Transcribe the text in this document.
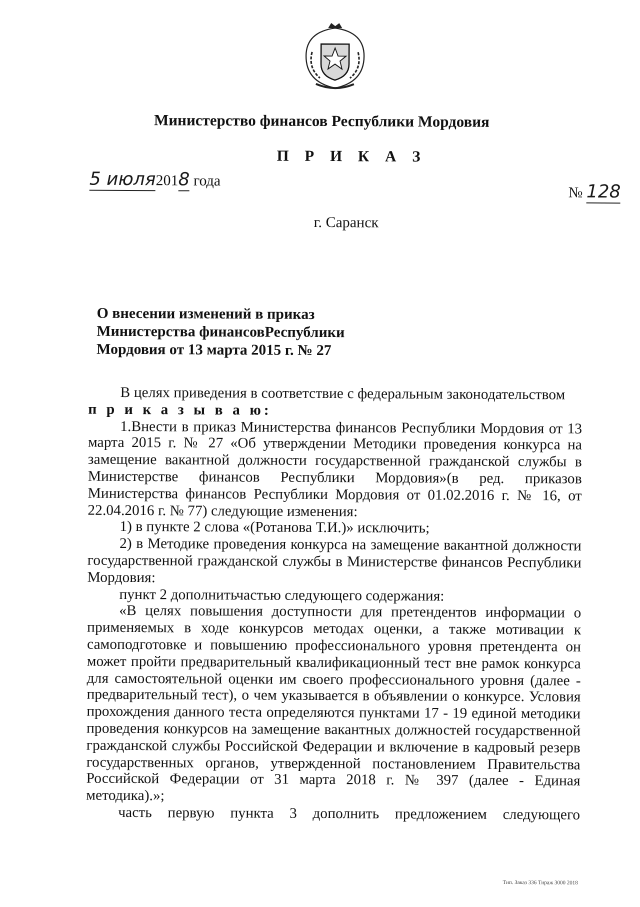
Министерство финансов Республики Мордовия
П Р И К А З
5 июля2018 года
№ 128
г. Саранск
О внесении изменений в приказ
Министерства финансовРеспублики
Мордовия от 13 марта 2015 г. № 27

В целях приведения в соответствие с федеральным законодательством

п р и к а з ы в а ю:

1.Внести в приказ Министерства финансов Республики Мордовия от 13 марта 2015 г. № 27 «Об утверждении Методики проведения конкурса на замещение вакантной должности государственной гражданской службы в Министерстве финансов Республики Мордовия»(в ред. приказов Министерства финансов Республики Мордовия от 01.02.2016 г. № 16, от 22.04.2016 г. № 77) следующие изменения:

1) в пункте 2 слова «(Ротанова Т.И.)» исключить;

2) в Методике проведения конкурса на замещение вакантной должности государственной гражданской службы в Министерстве финансов Республики Мордовия:

пункт 2 дополнитьчастью следующего содержания:

«В целях повышения доступности для претендентов информации о применяемых в ходе конкурсов методах оценки, а также мотивации к самоподготовке и повышению профессионального уровня претендента он может пройти предварительный квалификационный тест вне рамок конкурса для самостоятельной оценки им своего профессионального уровня (далее - предварительный тест), о чем указывается в объявлении о конкурсе. Условия прохождения данного теста определяются пунктами 17 - 19 единой методики проведения конкурсов на замещение вакантных должностей государственной гражданской службы Российской Федерации и включение в кадровый резерв государственных органов, утвержденной постановлением Правительства Российской Федерации от 31 марта 2018 г. № 397 (далее - Единая методика).»;

часть первую пункта 3 дополнить предложением следующего

Тип. Заказ 336 Тираж 3000 2018
